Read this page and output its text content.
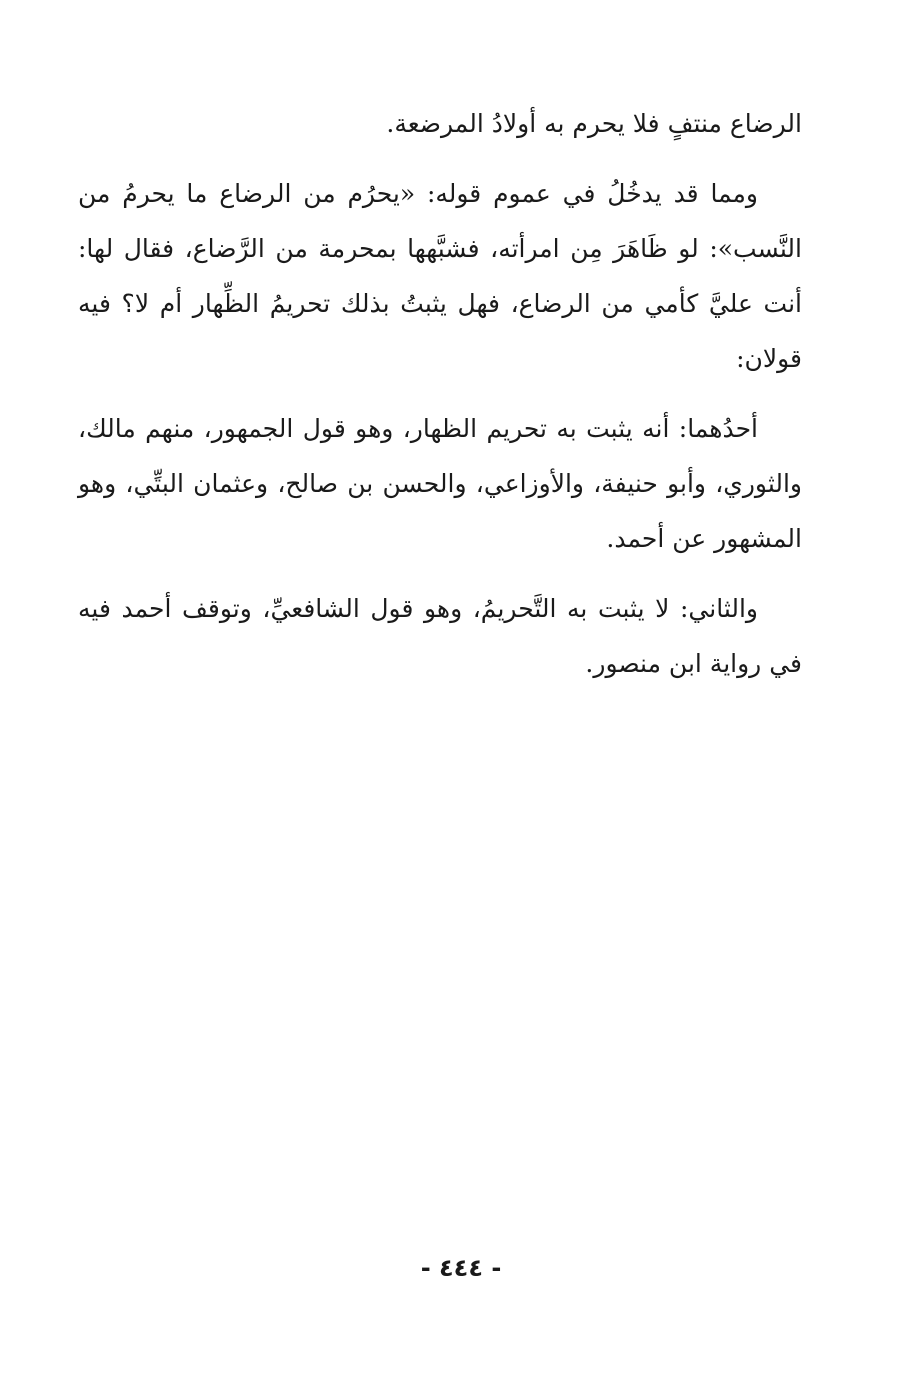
الرضاع منتفٍ فلا يحرم به أولادُ المرضعة.

ومما قد يدخُلُ في عموم قوله: «يحرُم من الرضاع ما يحرمُ من النَّسب»: لو ظَاهَرَ مِن امرأته، فشبَّهها بمحرمة من الرَّضاع، فقال لها: أنت عليَّ كأمي من الرضاع، فهل يثبتُ بذلك تحريمُ الظِّهار أم لا؟ فيه قولان:

أحدُهما: أنه يثبت به تحريم الظهار، وهو قول الجمهور، منهم مالك، والثوري، وأبو حنيفة، والأوزاعي، والحسن بن صالح، وعثمان البتِّي، وهو المشهور عن أحمد.

والثاني: لا يثبت به التَّحريمُ، وهو قول الشافعيِّ، وتوقف أحمد فيه في رواية ابن منصور.

- ٤٤٤ -
